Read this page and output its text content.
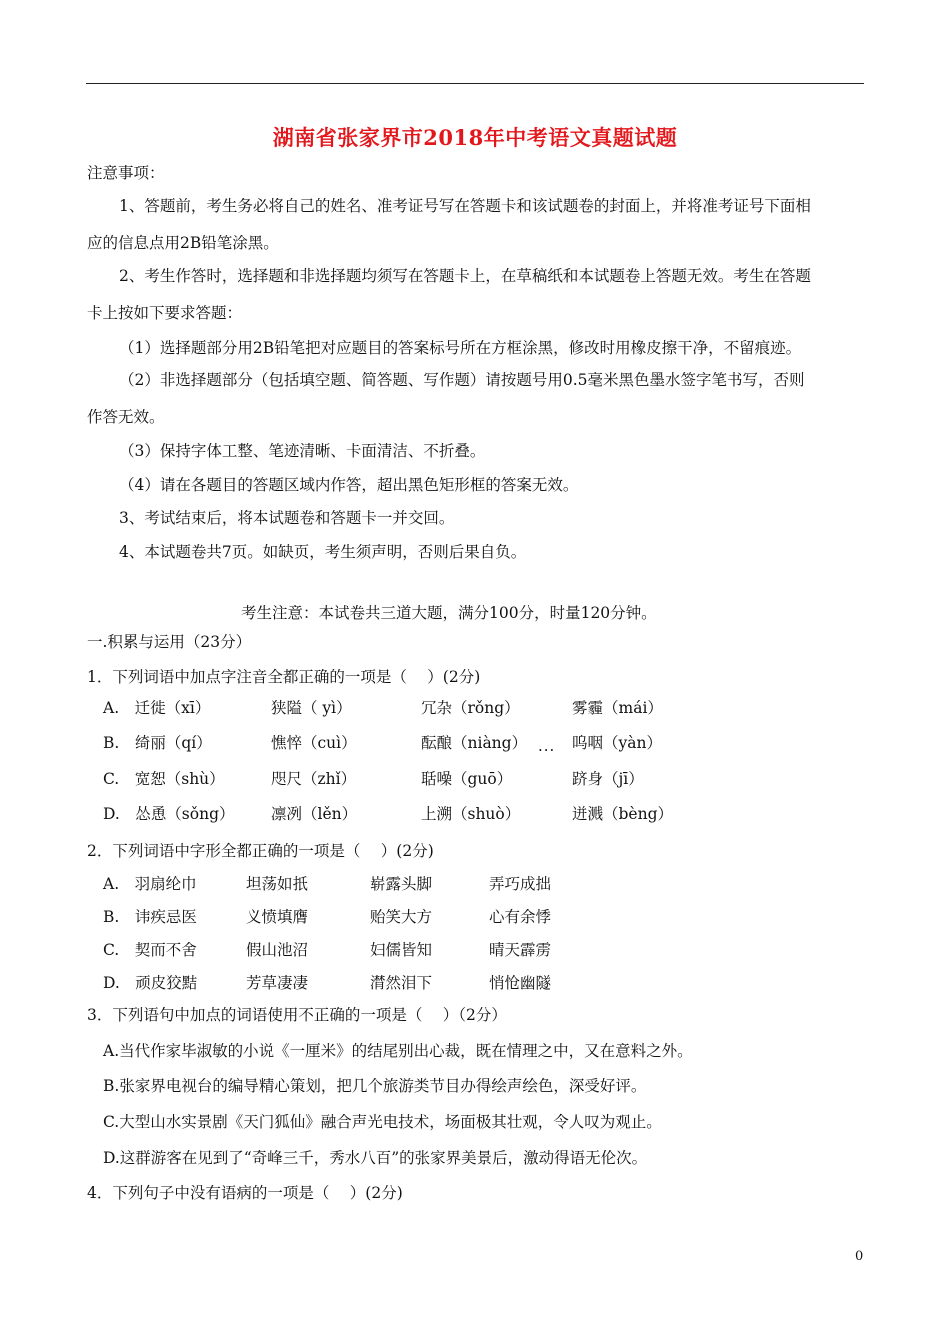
湖南省张家界市2018年中考语文真题试题
注意事项：
1、答题前，考生务必将自己的姓名、准考证号写在答题卡和该试题卷的封面上，并将准考证号下面相
应的信息点用2B铅笔涂黑。
2、考生作答时，选择题和非选择题均须写在答题卡上，在草稿纸和本试题卷上答题无效。考生在答题
卡上按如下要求答题：
（1）选择题部分用2B铅笔把对应题目的答案标号所在方框涂黑，修改时用橡皮擦干净，不留痕迹。
（2）非选择题部分（包括填空题、简答题、写作题）请按题号用0.5毫米黑色墨水签字笔书写，否则
作答无效。
（3）保持字体工整、笔迹清晰、卡面清洁、不折叠。
（4）请在各题目的答题区域内作答，超出黑色矩形框的答案无效。
3、考试结束后，将本试题卷和答题卡一并交回。
4、本试题卷共7页。如缺页，考生须声明，否则后果自负。
考生注意：本试卷共三道大题，满分100分，时量120分钟。
一.积累与运用（23分）
1．下列词语中加点字注音全都正确的一项是（　 ）(2分)
A.　迁徙（xī）	狭隘（ yì）	冗杂（rǒng）	雾霾（mái）
B.　绮丽（qí）	憔悴（cuì）	酝酿（niàng） ··· 呜咽（yàn）
C.　宽恕（shù）	咫尺（zhǐ）	聒噪（guō）	跻身（jī）
D.　怂恿（sǒng） 凛冽（lěn）	上溯（shuò）	迸溅（bèng）
2．下列词语中字形全都正确的一项是（　 ）(2分)
A.　羽扇纶巾	坦荡如扺	崭露头脚	弄巧成拙
B.　讳疾忌医	义愤填膺	贻笑大方	心有余悸
C.　契而不舍	假山池沼	妇儒皆知	晴天霹雳
D.　顽皮狡黠	芳草凄凄	潸然泪下	悄怆幽隧
3．下列语句中加点的词语使用不正确的一项是（　 ）（2分）
A.当代作家毕淑敏的小说《一厘米》的结尾别出心裁，既在情理之中，又在意料之外。
B.张家界电视台的编导精心策划，把几个旅游类节目办得绘声绘色，深受好评。
C.大型山水实景剧《天门狐仙》融合声光电技术，场面极其壮观，令人叹为观止。
D.这群游客在见到了“奇峰三千，秀水八百”的张家界美景后，激动得语无伦次。
4．下列句子中没有语病的一项是（　 ）(2分)
0
